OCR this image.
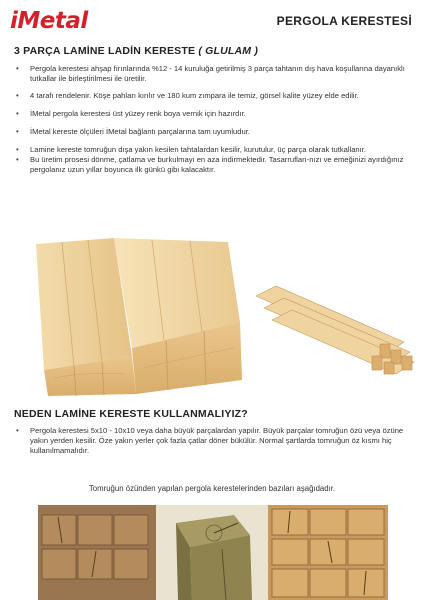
iMetal	PERGOLA KERESTESİ
3 PARÇA LAMİNE LADİN KERESTE ( GLULAM )
• Pergola kerestesi ahşap fırınlarında %12 - 14 kuruluğa getirilmiş 3 parça tahtanın dış hava koşullarına dayanıklı tutkallar ile birleştirilmesi ile üretilir.
• 4 tarafı rendelenir. Köşe pahları kırılır ve 180 kum zımpara ile temiz, görsel kalite yüzey elde edilir.
• İMetal pergola kerestesi üst yüzey renk boya vernik için hazırdır.
• İMetal kereste ölçüleri İMetal bağlantı parçalarına tam uyumludur.
• Lamine kereste tomruğun dışa yakın kesilen tahtalardan kesilir, kurutulur, üç parça olarak tutkallanır.
• Bu üretim prosesi dönme, çatlama ve burkulmayı en aza indirmektedir. Tasarrufları-nızı ve emeğinizi ayırdığınız pergolanız uzun yıllar boyunca ilk günkü gibi kalacaktır.
NEDEN LAMİNE KERESTE KULLANMALIYIZ?
• Pergola kerestesi 5x10 - 10x10 veya daha büyük parçalardan yapılır. Büyük parçalar tomruğun özü veya özüne yakın yerden kesilir. Öze yakın yerler çok fazla çatlar döner bükülür. Normal şartlarda tomruğun öz kısmı hiç kullanılmamalıdır.
Tomruğun özünden yapılan pergola kerestelerinden bazıları aşağıdadır.
